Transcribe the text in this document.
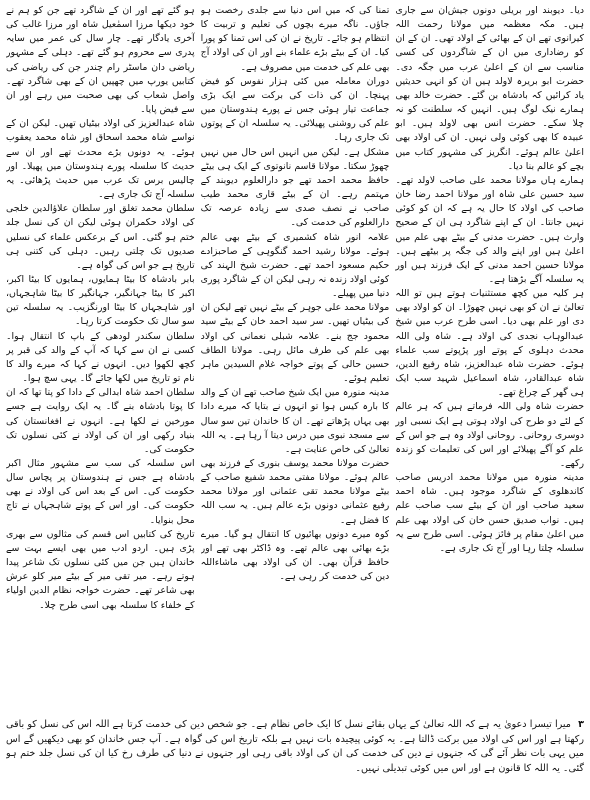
دیا۔ دیوبند اور بریلی دونوں جیش‌ان سے جاری ہیں۔ مکہ معظمہ میں مولانا رحمت اللہ کیرانوی تھے ان کے بھائی کے اولاد تھی۔ ان کے ان کو رضاداری میں ان کے شاگردوں کی کسی مناسب سے ان کے اعلیٰ عرب میں جگہ دی۔ حضرت ابو بریرہ لاولد ہیں ان کو انہی حدیثیں یاد کرائیں کہ بادشاہ بن گئے۔ حضرت خالد بھی ہمارے نیک لوگ ہیں۔ انہیں کہ سلطنت کو نہ چلا سکے۔ حضرت انس بھی لاولد ہیں۔ ابو عبیدہ کا بھی کوئی ولی نہیں۔ ان کی اولاد بھی اعلیٰ عالم ہوئے۔ انگریز کی مشہور کتاب میں بچے کو عالم بنا دیا۔

ہمارے ہاں مولانا محمد علی صاحب لاولد تھے۔ سید حسین علی شاہ اور مولانا احمد رضا خان صاحب کی اولاد کا حال یہ ہے کہ ان کو کوئی نہیں جانتا۔ ان کے اپنے شاگرد ہی ان کے صحیح وارث ہیں۔ حضرت مدنی کے بیٹے بھی علم میں اعلیٰ ہیں اور اپنے والد کی جگہ پر بیٹھے ہیں۔ مولانا حسین احمد مدنی کے ایک فرزند ہیں اور یہ سلسلہ آگے بڑھتا ہے۔

ہر کلیہ میں کچھ مستثنیات ہوتے ہیں تو اللہ تعالیٰ نے ان کو بھی نہیں چھوڑا۔ ان کو اولاد بھی دی اور علم بھی دیا۔ اسی طرح عرب میں شیخ عبدالوہاب نجدی کی اولاد ہے۔ شاہ ولی اللہ محدث دہلوی کے پوتے اور پڑپوتے سب علماء ہوئے۔ حضرت شاہ عبدالعزیز، شاہ رفیع الدین، شاہ عبدالقادر، شاہ اسماعیل شہید سب ایک ہی گھر کے چراغ تھے۔

حضرت شاہ ولی اللہ فرماتے ہیں کہ ہر عالم کے لئے دو طرح کی اولاد ہوتی ہے ایک نسبی اور دوسری روحانی۔ روحانی اولاد وہ ہے جو اس کے علم کو آگے پھیلائے اور اس کی تعلیمات کو زندہ رکھے۔

مدینہ منورہ میں مولانا محمد ادریس صاحب کاندھلوی کے شاگرد موجود ہیں۔ شاہ احمد سعید صاحب اور ان کے بیٹے سب صاحب علم ہیں۔ نواب صدیق حسن خان کی اولاد بھی علم میں اعلیٰ مقام پر فائز ہوئی۔ اسی طرح سے یہ سلسلہ چلتا رہا اور آج تک جاری ہے۔

تمنا کی کہ میں اس دنیا سے جلدی رخصت ہو جاؤں۔ ناگہ میرے بچوں کی تعلیم و تربیت کا انتظام ہو جائے۔ تاریخ نے ان کی اس تمنا کو پورا کیا۔ ان کے بیٹے بڑے علماء بنے اور ان کی اولاد آج بھی علم کی خدمت میں مصروف ہے۔

دوران معاملہ میں کئی ہزار نفوس کو فیض پہنچا۔ ان کی ذات کی برکت سے ایک بڑی جماعت تیار ہوئی جس نے پورے ہندوستان میں علم کی روشنی پھیلائی۔ یہ سلسلہ ان کے پوتوں تک جاری رہا۔

مشکل ہے۔ لیکن میں انہیں اس حال میں نہیں چھوڑ سکتا۔ مولانا قاسم نانوتوی کے ایک ہی بیٹے حافظ محمد احمد تھے جو دارالعلوم دیوبند کے مہتمم رہے۔ ان کے بیٹے قاری محمد طیب صاحب نے نصف صدی سے زیادہ عرصہ تک دارالعلوم کی خدمت کی۔

علامہ انور شاہ کشمیری کے بیٹے بھی عالم ہوئے۔ مولانا رشید احمد گنگوہی کے صاحبزادے حکیم مسعود احمد تھے۔ حضرت شیخ الہند کی کوئی اولاد زندہ نہ رہی لیکن ان کے شاگرد پوری دنیا میں پھیلے۔

مولانا محمد علی جوہر کے بیٹے نہیں تھے لیکن ان کی بیٹیاں تھیں۔ سر سید احمد خان کے بیٹے سید محمود جج بنے۔ علامہ شبلی نعمانی کی اولاد بھی علم کی طرف مائل رہی۔ مولانا الطاف حسین حالی کے پوتے خواجہ غلام السیدین ماہر تعلیم ہوئے۔

مدینہ منورہ میں ایک شیخ صاحب تھے ان کے والد کا بارہ کیس ہوا تو انہوں نے بتایا کہ میرے دادا بھی یہاں پڑھاتے تھے۔ ان کا خاندان تین سو سال سے مسجد نبوی میں درس دیتا آ رہا ہے۔ یہ اللہ تعالیٰ کی خاص عنایت ہے۔

حضرت مولانا محمد یوسف بنوری کے فرزند بھی عالم ہوئے۔ مولانا مفتی محمد شفیع صاحب کے بیٹے مولانا محمد تقی عثمانی اور مولانا محمد رفیع عثمانی دونوں بڑے عالم ہیں۔ یہ سب اللہ کا فضل ہے۔

کوہ میرے دونوں بھائیوں کا انتقال ہو گیا۔ میرے بڑے بھائی بھی عالم تھے۔ وہ ڈاکٹر بھی تھے اور حافظ قرآن بھی۔ ان کی اولاد بھی ماشاءاللہ دین کی خدمت کر رہی ہے۔

ہو گئے تھے اور ان کے شاگرد تھے جن کو ہم نے خود دیکھا مرزا اسمٰعیل شاہ اور مرزا غالب کی آخری یادگار تھے۔ چار سال کی عمر میں سایہ پدری سے محروم ہو گئے تھے۔ دہلی کے مشہور ریاضی دان ماسٹر رام چندر جن کی ریاضی کی کتابیں یورپ میں چھپیں ان کے بھی شاگرد تھے۔ واصل شعاب کی بھی صحبت میں رہے اور ان سے فیض پایا۔

شاہ عبدالعزیز کی اولاد بیٹیاں تھیں۔ لیکن ان کے نواسے شاہ محمد اسحاق اور شاہ محمد یعقوب ہوئے۔ یہ دونوں بڑے محدث تھے اور ان سے حدیث کا سلسلہ پورے ہندوستان میں پھیلا۔ اور چالیس برس تک عرب میں حدیث پڑھائی۔ یہ سلسلہ آج تک جاری ہے۔

سلطان محمد تغلق اور سلطان علاؤالدین خلجی کی اولاد حکمران ہوئی لیکن ان کی نسل جلد ختم ہو گئی۔ اس کے برعکس علماء کی نسلیں صدیوں تک چلتی رہیں۔ دہلی کی کتنی ہی تاریخ ہے جو اس کی گواہ ہے۔

بابر بادشاہ کا بیٹا ہمایوں، ہمایوں کا بیٹا اکبر، اکبر کا بیٹا جہانگیر، جہانگیر کا بیٹا شاہجہاں، اور شاہجہاں کا بیٹا اورنگزیب۔ یہ سلسلہ تین سو سال تک حکومت کرتا رہا۔

سلطان سکندر لودھی کے باپ کا انتقال ہوا۔ کسی نے ان سے کہا کہ آپ کے والد کی قبر پر کچھ لکھوا دیں۔ انہوں نے کہا کہ میرے والد کا نام تو تاریخ میں لکھا جائے گا۔ یہی سچ ہوا۔

سلطان احمد شاہ ابدالی کے دادا کو پتا تھا کہ ان کا پوتا بادشاہ بنے گا۔ یہ ایک روایت ہے جسے مورخین نے لکھا ہے۔ انہوں نے افغانستان کی بنیاد رکھی اور ان کی اولاد نے کئی نسلوں تک حکومت کی۔

اس سلسلہ کی سب سے مشہور مثال اکبر بادشاہ ہے جس نے ہندوستان پر پچاس سال حکومت کی۔ اس کے بعد اس کی اولاد نے بھی حکومت کی۔ اور اس کے پوتے شاہجہاں نے تاج محل بنوایا۔

تاریخ کی کتابیں اس قسم کی مثالوں سے بھری پڑی ہیں۔ اردو ادب میں بھی ایسے بہت سے خاندان ہیں جن میں کئی نسلوں تک شاعر پیدا ہوتے رہے۔ میر تقی میر کے بیٹے میر کلو عرش بھی شاعر تھے۔ حضرت خواجہ نظام الدین اولیاء کے خلفاء کا سلسلہ بھی اسی طرح چلا۔

۳ میرا تیسرا دعویٰ یہ ہے کہ اللہ تعالیٰ کے یہاں بقائے نسل کا ایک خاص نظام ہے۔ جو شخص دین کی خدمت کرتا ہے اللہ اس کی نسل کو باقی رکھتا ہے اور اس کی اولاد میں برکت ڈالتا ہے۔ یہ کوئی پیچیدہ بات نہیں ہے بلکہ تاریخ اس کی گواہ ہے۔ آپ جس خاندان کو بھی دیکھیں گے اس میں یہی بات نظر آئے گی کہ جنہوں نے دین کی خدمت کی ان کی اولاد باقی رہی اور جنہوں نے دنیا کی طرف رخ کیا ان کی نسل جلد ختم ہو گئی۔ یہ اللہ کا قانون ہے اور اس میں کوئی تبدیلی نہیں۔
